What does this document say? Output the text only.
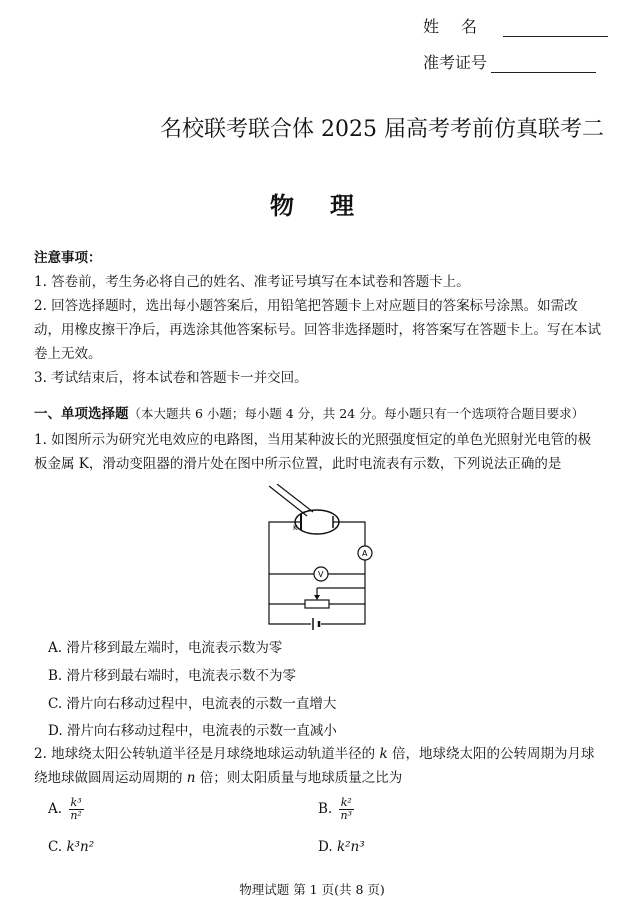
姓名
准考证号
名校联考联合体 2025 届高考考前仿真联考二
物理
注意事项：
1. 答卷前，考生务必将自己的姓名、准考证号填写在本试卷和答题卡上。
2. 回答选择题时，选出每小题答案后，用铅笔把答题卡上对应题目的答案标号涂黑。如需改动，用橡皮擦干净后，再选涂其他答案标号。回答非选择题时，将答案写在答题卡上。写在本试卷上无效。
3. 考试结束后，将本试卷和答题卡一并交回。
一、单项选择题（本大题共 6 小题；每小题 4 分，共 24 分。每小题只有一个选项符合题目要求）
1. 如图所示为研究光电效应的电路图，当用某种波长的光照强度恒定的单色光照射光电管的极板金属 K，滑动变阻器的滑片处在图中所示位置，此时电流表有示数，下列说法正确的是
K
A
V
A. 滑片移到最左端时，电流表示数为零
B. 滑片移到最右端时，电流表示数不为零
C. 滑片向右移动过程中，电流表的示数一直增大
D. 滑片向右移动过程中，电流表的示数一直减小
2. 地球绕太阳公转轨道半径是月球绕地球运动轨道半径的 k 倍，地球绕太阳的公转周期为月球绕地球做圆周运动周期的 n 倍；则太阳质量与地球质量之比为
A. $\frac{\text{k³}}{\text{n²}}$	B. $\frac{\text{k²}}{\text{n³}}$
C. k³n²	D. k²n³
物理试题 第 1 页(共 8 页)
